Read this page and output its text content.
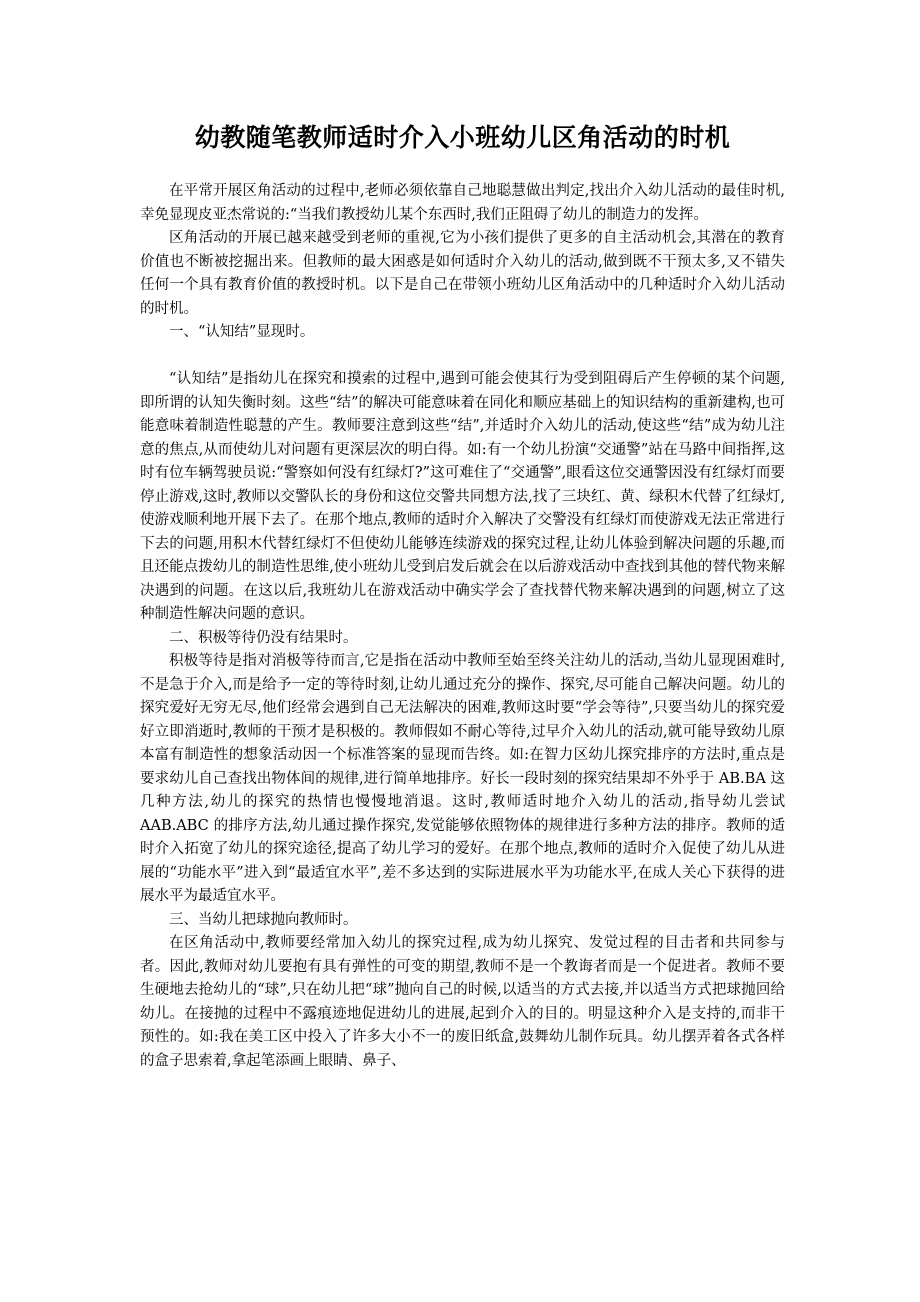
幼教随笔教师适时介入小班幼儿区角活动的时机

在平常开展区角活动的过程中,老师必须依靠自己地聪慧做出判定,找出介入幼儿活动的最佳时机,幸免显现皮亚杰常说的:“当我们教授幼儿某个东西时,我们正阻碍了幼儿的制造力的发挥。

区角活动的开展已越来越受到老师的重视,它为小孩们提供了更多的自主活动机会,其潜在的教育价值也不断被挖掘出来。但教师的最大困惑是如何适时介入幼儿的活动,做到既不干预太多,又不错失任何一个具有教育价值的教授时机。以下是自己在带领小班幼儿区角活动中的几种适时介入幼儿活动的时机。

一、“认知结”显现时。

“认知结”是指幼儿在探究和摸索的过程中,遇到可能会使其行为受到阻碍后产生停顿的某个问题,即所谓的认知失衡时刻。这些“结”的解决可能意味着在同化和顺应基础上的知识结构的重新建构,也可能意味着制造性聪慧的产生。教师要注意到这些“结”,并适时介入幼儿的活动,使这些“结”成为幼儿注意的焦点,从而使幼儿对问题有更深层次的明白得。如:有一个幼儿扮演“交通警”站在马路中间指挥,这时有位车辆驾驶员说:“警察如何没有红绿灯?”这可难住了“交通警”,眼看这位交通警因没有红绿灯而要停止游戏,这时,教师以交警队长的身份和这位交警共同想方法,找了三块红、黄、绿积木代替了红绿灯,使游戏顺利地开展下去了。在那个地点,教师的适时介入解决了交警没有红绿灯而使游戏无法正常进行下去的问题,用积木代替红绿灯不但使幼儿能够连续游戏的探究过程,让幼儿体验到解决问题的乐趣,而且还能点拨幼儿的制造性思维,使小班幼儿受到启发后就会在以后游戏活动中查找到其他的替代物来解决遇到的问题。在这以后,我班幼儿在游戏活动中确实学会了查找替代物来解决遇到的问题,树立了这种制造性解决问题的意识。

二、积极等待仍没有结果时。

积极等待是指对消极等待而言,它是指在活动中教师至始至终关注幼儿的活动,当幼儿显现困难时,不是急于介入,而是给予一定的等待时刻,让幼儿通过充分的操作、探究,尽可能自己解决问题。幼儿的探究爱好无穷无尽,他们经常会遇到自己无法解决的困难,教师这时要“学会等待”,只要当幼儿的探究爱好立即消逝时,教师的干预才是积极的。教师假如不耐心等待,过早介入幼儿的活动,就可能导致幼儿原本富有制造性的想象活动因一个标准答案的显现而告终。如:在智力区幼儿探究排序的方法时,重点是要求幼儿自己查找出物体间的规律,进行简单地排序。好长一段时刻的探究结果却不外乎于 AB.BA 这几种方法,幼儿的探究的热情也慢慢地消退。这时,教师适时地介入幼儿的活动,指导幼儿尝试 AAB.ABC 的排序方法,幼儿通过操作探究,发觉能够依照物体的规律进行多种方法的排序。教师的适时介入拓宽了幼儿的探究途径,提高了幼儿学习的爱好。在那个地点,教师的适时介入促使了幼儿从进展的“功能水平”进入到“最适宜水平”,差不多达到的实际进展水平为功能水平,在成人关心下获得的进展水平为最适宜水平。

三、当幼儿把球抛向教师时。

在区角活动中,教师要经常加入幼儿的探究过程,成为幼儿探究、发觉过程的目击者和共同参与者。因此,教师对幼儿要抱有具有弹性的可变的期望,教师不是一个教诲者而是一个促进者。教师不要生硬地去抢幼儿的“球”,只在幼儿把“球”抛向自己的时候,以适当的方式去接,并以适当方式把球抛回给幼儿。在接抛的过程中不露痕迹地促进幼儿的进展,起到介入的目的。明显这种介入是支持的,而非干预性的。如:我在美工区中投入了许多大小不一的废旧纸盒,鼓舞幼儿制作玩具。幼儿摆弄着各式各样的盒子思索着,拿起笔添画上眼睛、鼻子、
